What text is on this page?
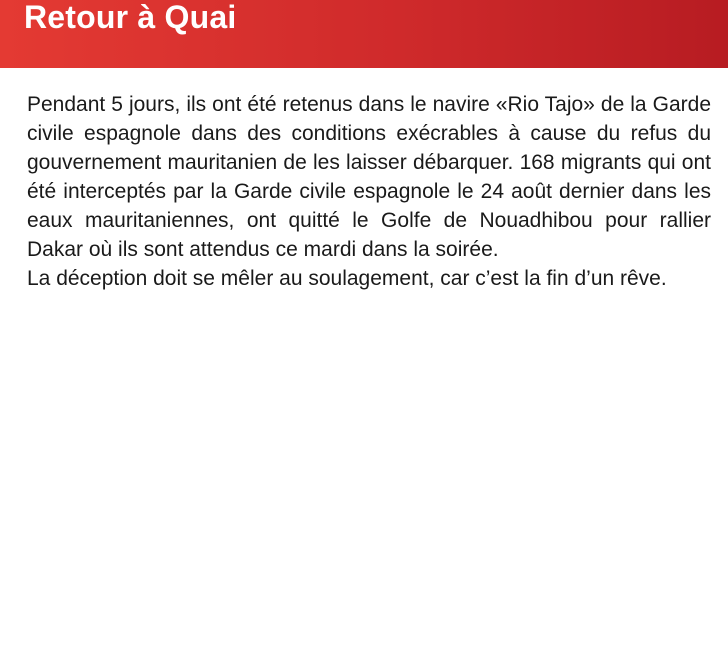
Retour à Quai

Pendant 5 jours, ils ont été retenus dans le navire «Rio Tajo» de la Garde civile espagnole dans des conditions exécrables à cause du refus du gouvernement mauritanien de les laisser débarquer. 168 migrants qui ont été interceptés par la Garde civile espagnole le 24 août dernier dans les eaux mauritaniennes, ont quitté le Golfe de Nouadhibou pour rallier Dakar où ils sont attendus ce mardi dans la soirée.

La déception doit se mêler au soulagement, car c’est la fin d’un rêve.
